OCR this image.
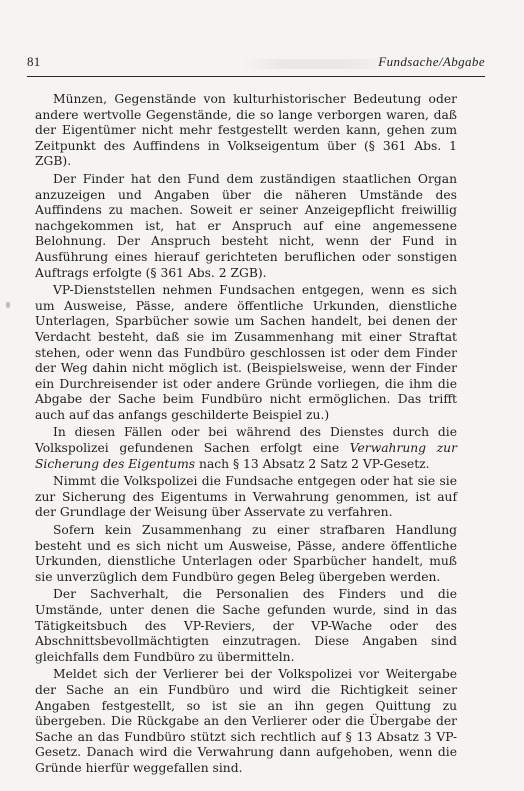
81	Fundsache/Abgabe

Münzen, Gegenstände von kulturhistorischer Bedeutung oder andere wertvolle Gegenstände, die so lange verborgen waren, daß der Eigentümer nicht mehr festgestellt werden kann, gehen zum Zeitpunkt des Auffindens in Volkseigentum über (§ 361 Abs. 1 ZGB).

Der Finder hat den Fund dem zuständigen staatlichen Organ anzuzeigen und Angaben über die näheren Umstände des Auffindens zu machen. Soweit er seiner Anzeigepflicht freiwillig nachgekommen ist, hat er Anspruch auf eine angemessene Belohnung. Der Anspruch besteht nicht, wenn der Fund in Ausführung eines hierauf gerichteten beruflichen oder sonstigen Auftrags erfolgte (§ 361 Abs. 2 ZGB).

VP-Dienststellen nehmen Fundsachen entgegen, wenn es sich um Ausweise, Pässe, andere öffentliche Urkunden, dienstliche Unterlagen, Sparbücher sowie um Sachen handelt, bei denen der Verdacht besteht, daß sie im Zusammenhang mit einer Straftat stehen, oder wenn das Fundbüro geschlossen ist oder dem Finder der Weg dahin nicht möglich ist. (Beispielsweise, wenn der Finder ein Durchreisender ist oder andere Gründe vorliegen, die ihm die Abgabe der Sache beim Fundbüro nicht ermöglichen. Das trifft auch auf das anfangs geschilderte Beispiel zu.)

In diesen Fällen oder bei während des Dienstes durch die Volkspolizei gefundenen Sachen erfolgt eine Verwahrung zur Sicherung des Eigentums nach § 13 Absatz 2 Satz 2 VP-Gesetz.

Nimmt die Volkspolizei die Fundsache entgegen oder hat sie sie zur Sicherung des Eigentums in Verwahrung genommen, ist auf der Grundlage der Weisung über Asservate zu verfahren.

Sofern kein Zusammenhang zu einer strafbaren Handlung besteht und es sich nicht um Ausweise, Pässe, andere öffentliche Urkunden, dienstliche Unterlagen oder Sparbücher handelt, muß sie unverzüglich dem Fundbüro gegen Beleg übergeben werden.

Der Sachverhalt, die Personalien des Finders und die Umstände, unter denen die Sache gefunden wurde, sind in das Tätigkeitsbuch des VP-Reviers, der VP-Wache oder des Abschnittsbevollmächtigten einzutragen. Diese Angaben sind gleichfalls dem Fundbüro zu übermitteln.

Meldet sich der Verlierer bei der Volkspolizei vor Weitergabe der Sache an ein Fundbüro und wird die Richtigkeit seiner Angaben festgestellt, so ist sie an ihn gegen Quittung zu übergeben. Die Rückgabe an den Verlierer oder die Übergabe der Sache an das Fundbüro stützt sich rechtlich auf § 13 Absatz 3 VP-Gesetz. Danach wird die Verwahrung dann aufgehoben, wenn die Gründe hierfür weggefallen sind.
